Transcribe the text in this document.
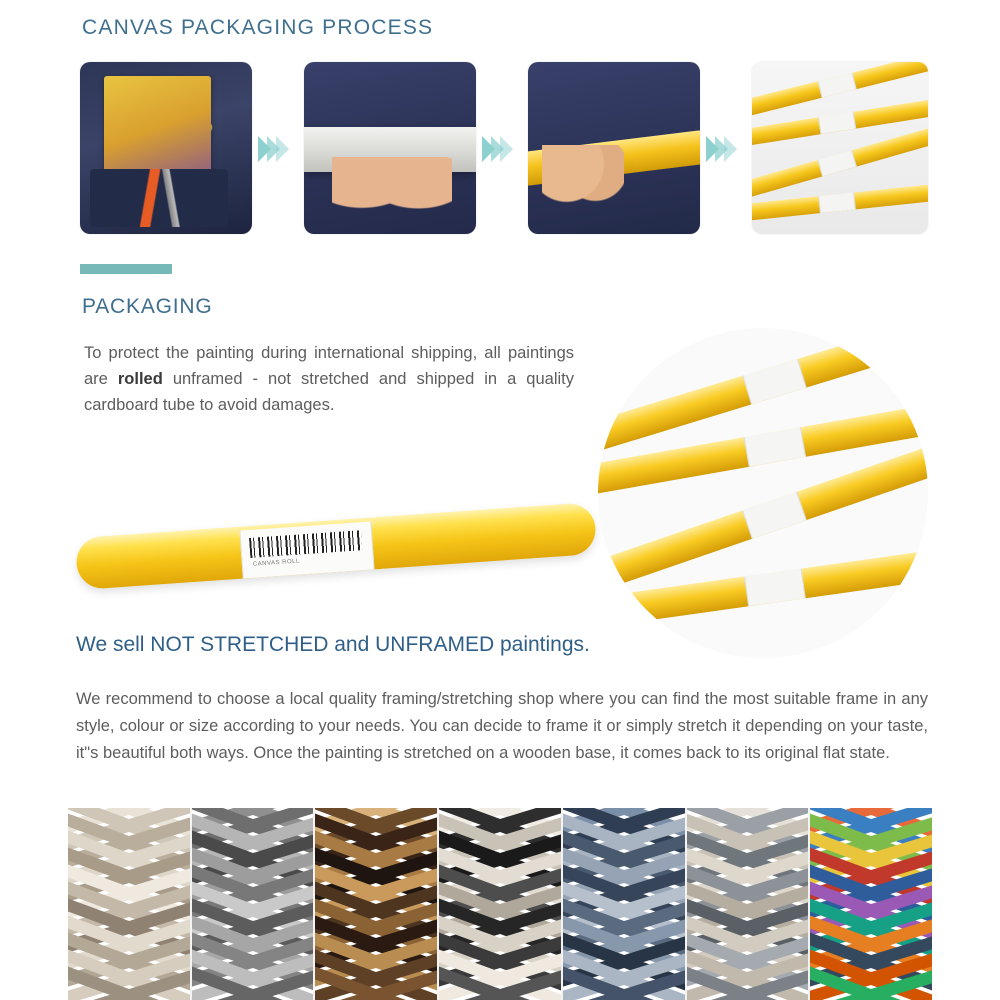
CANVAS PACKAGING PROCESS
PACKAGING
To protect the painting during international shipping, all paintings are rolled unframed - not stretched and shipped in a quality cardboard tube to avoid damages.
CANVAS ROLL
We sell NOT STRETCHED and UNFRAMED paintings.
We recommend to choose a local quality framing/stretching shop where you can find the most suitable frame in any style, colour or size according to your needs. You can decide to frame it or simply stretch it depending on your taste, it"s beautiful both ways. Once the painting is stretched on a wooden base, it comes back to its original flat state.
